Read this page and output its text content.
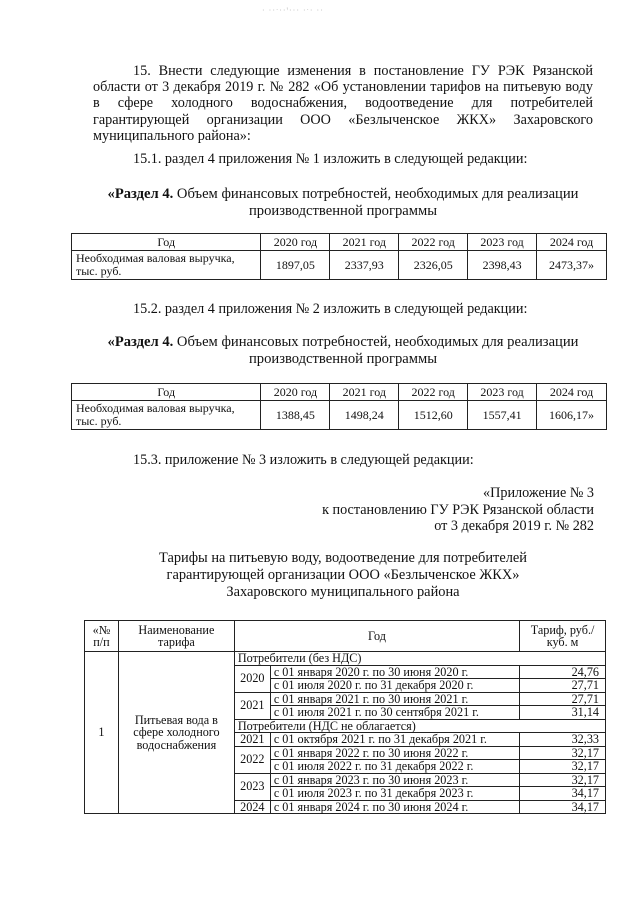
· ··ˑ··ꞌ··· ·ˑ· ··
15. Внести следующие изменения в постановление ГУ РЭК Рязанской области от 3 декабря 2019 г. № 282 «Об установлении тарифов на питьевую воду в сфере холодного водоснабжения, водоотведение для потребителей гарантирующей организации ООО «Безлыченское ЖКХ» Захаровского муниципального района»:
15.1. раздел 4 приложения № 1 изложить в следующей редакции:
«Раздел 4. Объем финансовых потребностей, необходимых для реализации производственной программы
Год	2020 год	2021 год	2022 год	2023 год	2024 год
Необходимая валовая выручка, тыс. руб.	1897,05	2337,93	2326,05	2398,43	2473,37»
15.2. раздел 4 приложения № 2 изложить в следующей редакции:
«Раздел 4. Объем финансовых потребностей, необходимых для реализации производственной программы
Год	2020 год	2021 год	2022 год	2023 год	2024 год
Необходимая валовая выручка, тыс. руб.	1388,45	1498,24	1512,60	1557,41	1606,17»
15.3. приложение № 3 изложить в следующей редакции:
«Приложение № 3
к постановлению ГУ РЭК Рязанской области
от 3 декабря 2019 г. № 282
Тарифы на питьевую воду, водоотведение для потребителей
гарантирующей организации ООО «Безлыченское ЖКХ»
Захаровского муниципального района
«№ п/п	Наименование тарифа	Год		Тариф, руб./куб. м
1	Питьевая вода в сфере холодного водоснабжения	Потребители (без НДС)		
		2020	с 01 января 2020 г. по 30 июня 2020 г.	24,76
			с 01 июля 2020 г. по 31 декабря 2020 г.	27,71
		2021	с 01 января 2021 г. по 30 июня 2021 г.	27,71
			с 01 июля 2021 г. по 30 сентября 2021 г.	31,14
		Потребители (НДС не облагается)		
		2021	с 01 октября 2021 г. по 31 декабря 2021 г.	32,33
		2022	с 01 января 2022 г. по 30 июня 2022 г.	32,17
			с 01 июля 2022 г. по 31 декабря 2022 г.	32,17
		2023	с 01 января 2023 г. по 30 июня 2023 г.	32,17
			с 01 июля 2023 г. по 31 декабря 2023 г.	34,17
		2024	с 01 января 2024 г. по 30 июня 2024 г.	34,17
